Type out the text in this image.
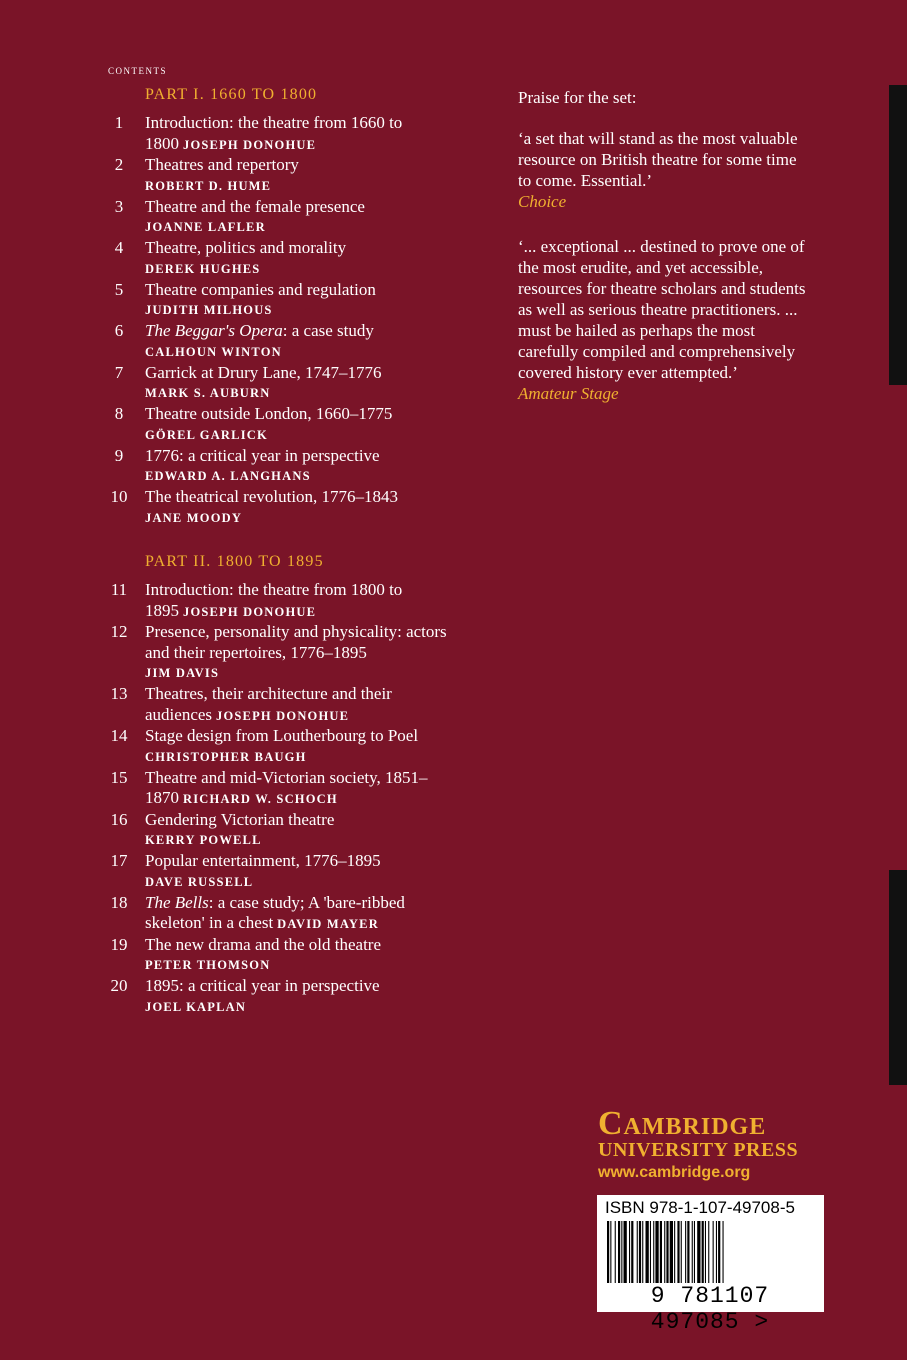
contents
PART I. 1660 TO 1800
1	Introduction: the theatre from 1660 to 1800 JOSEPH DONOHUE
2	Theatres and repertory
ROBERT D. HUME
3	Theatre and the female presence
JOANNE LAFLER
4	Theatre, politics and morality
DEREK HUGHES
5	Theatre companies and regulation
JUDITH MILHOUS
6	The Beggar's Opera: a case study
CALHOUN WINTON
7	Garrick at Drury Lane, 1747–1776
MARK S. AUBURN
8	Theatre outside London, 1660–1775
GÖREL GARLICK
9	1776: a critical year in perspective
EDWARD A. LANGHANS
10 The theatrical revolution, 1776–1843
JANE MOODY
PART II. 1800 TO 1895
11 Introduction: the theatre from 1800 to 1895 JOSEPH DONOHUE
12 Presence, personality and physicality: actors and their repertoires, 1776–1895
JIM DAVIS
13 Theatres, their architecture and their audiences JOSEPH DONOHUE
14 Stage design from Loutherbourg to Poel
CHRISTOPHER BAUGH
15 Theatre and mid-Victorian society, 1851–1870 RICHARD W. SCHOCH
16 Gendering Victorian theatre
KERRY POWELL
17 Popular entertainment, 1776–1895
DAVE RUSSELL
18 The Bells: a case study; A 'bare-ribbed skeleton' in a chest DAVID MAYER
19 The new drama and the old theatre
PETER THOMSON
20 1895: a critical year in perspective
JOEL KAPLAN
Praise for the set:
‘a set that will stand as the most valuable resource on British theatre for some time to come. Essential.’
Choice
‘... exceptional ... destined to prove one of the most erudite, and yet accessible, resources for theatre scholars and students as well as serious theatre practitioners. ... must be hailed as perhaps the most carefully compiled and comprehensively covered history ever attempted.’
Amateur Stage
Cambridge
UNIVERSITY PRESS
www.cambridge.org
ISBN 978-1-107-49708-5
9 781107 497085 >
